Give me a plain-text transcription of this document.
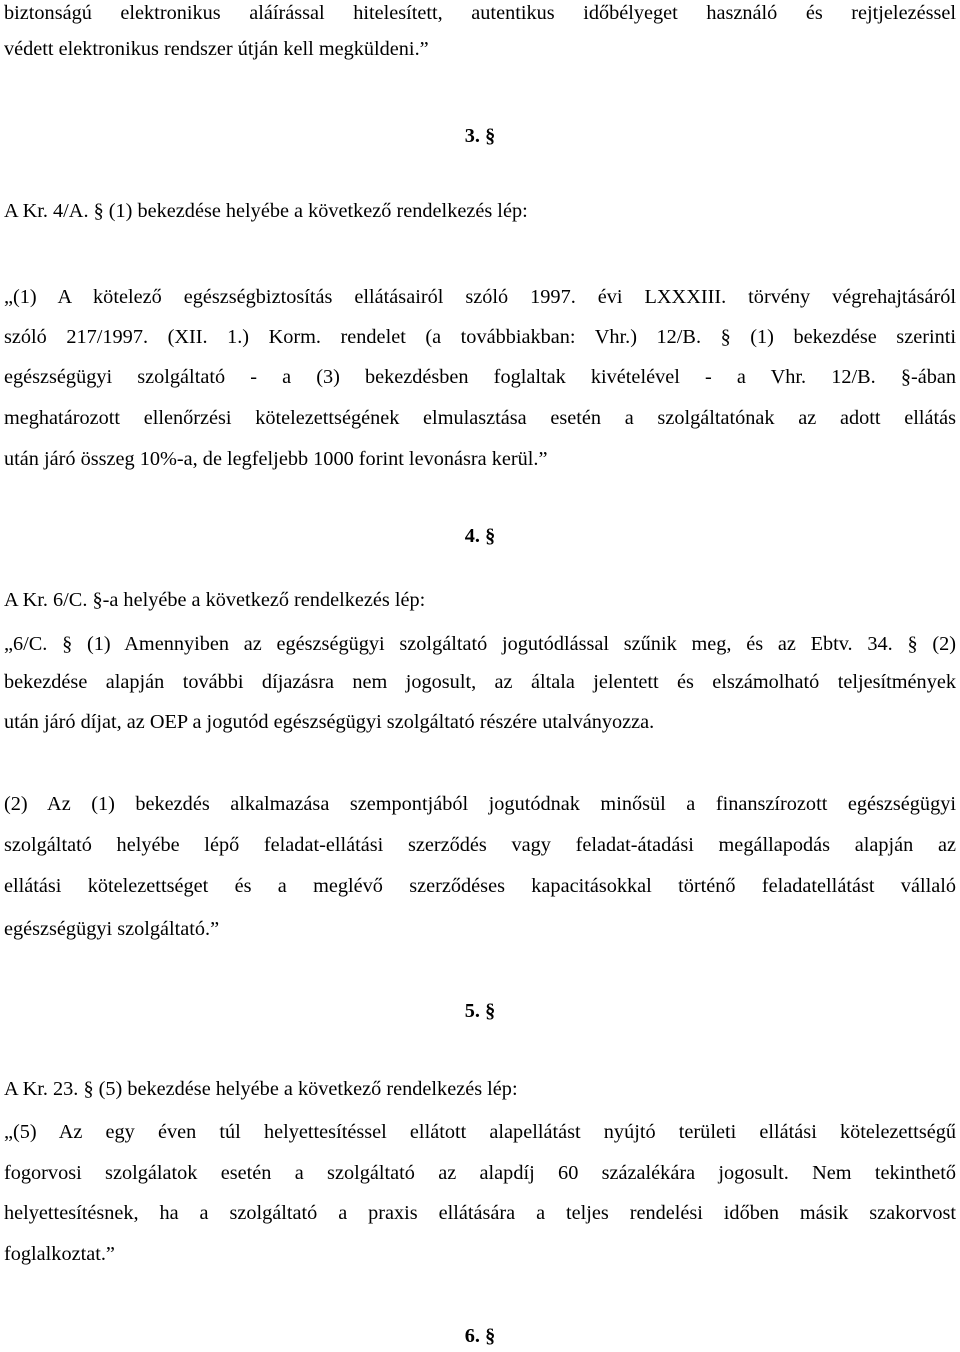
biztonságú elektronikus aláírással hitelesített, autentikus időbélyeget használó és rejtjelezéssel
védett elektronikus rendszer útján kell megküldeni.”
3. §
A Kr. 4/A. § (1) bekezdése helyébe a következő rendelkezés lép:
„(1) A kötelező egészségbiztosítás ellátásairól szóló 1997. évi LXXXIII. törvény végrehajtásáról
szóló 217/1997. (XII. 1.) Korm. rendelet (a továbbiakban: Vhr.) 12/B. § (1) bekezdése szerinti
egészségügyi szolgáltató - a (3) bekezdésben foglaltak kivételével - a Vhr. 12/B. §-ában
meghatározott ellenőrzési kötelezettségének elmulasztása esetén a szolgáltatónak az adott ellátás
után járó összeg 10%-a, de legfeljebb 1000 forint levonásra kerül.”
4. §
A Kr. 6/C. §-a helyébe a következő rendelkezés lép:
„6/C. § (1) Amennyiben az egészségügyi szolgáltató jogutódlással szűnik meg, és az Ebtv. 34. § (2)
bekezdése alapján további díjazásra nem jogosult, az általa jelentett és elszámolható teljesítmények
után járó díjat, az OEP a jogutód egészségügyi szolgáltató részére utalványozza.
(2) Az (1) bekezdés alkalmazása szempontjából jogutódnak minősül a finanszírozott egészségügyi
szolgáltató helyébe lépő feladat-ellátási szerződés vagy feladat-átadási megállapodás alapján az
ellátási kötelezettséget és a meglévő szerződéses kapacitásokkal történő feladatellátást vállaló
egészségügyi szolgáltató.”
5. §
A Kr. 23. § (5) bekezdése helyébe a következő rendelkezés lép:
„(5) Az egy éven túl helyettesítéssel ellátott alapellátást nyújtó területi ellátási kötelezettségű
fogorvosi szolgálatok esetén a szolgáltató az alapdíj 60 százalékára jogosult. Nem tekinthető
helyettesítésnek, ha a szolgáltató a praxis ellátására a teljes rendelési időben másik szakorvost
foglalkoztat.”
6. §
